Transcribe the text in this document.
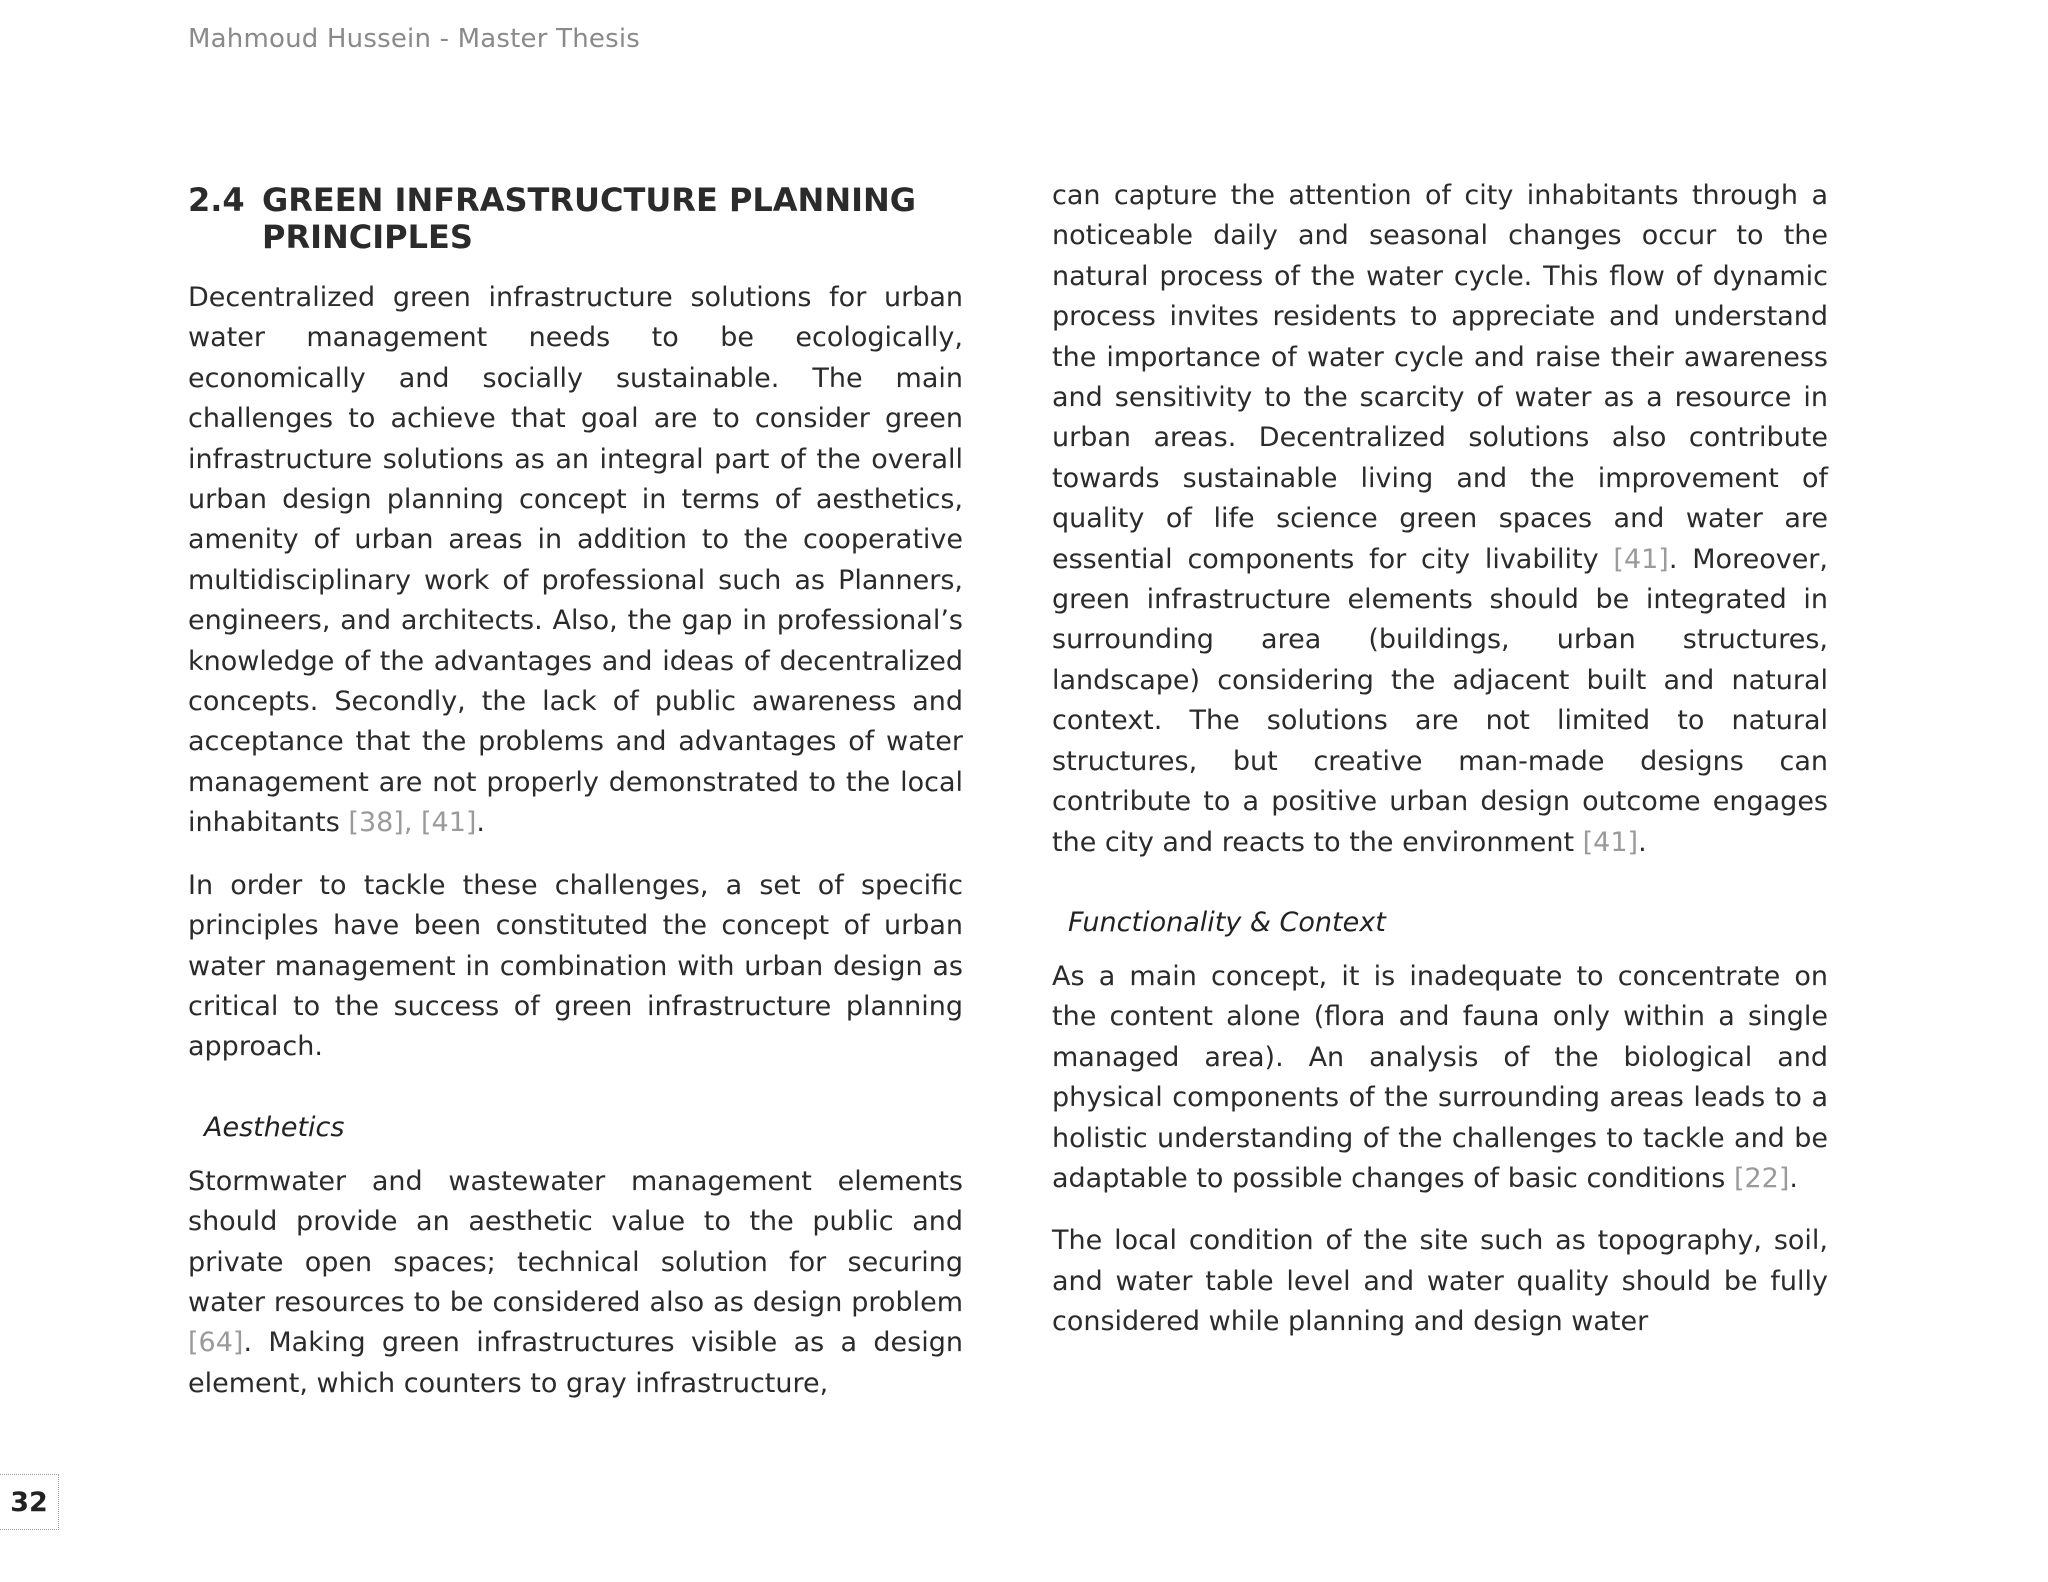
Mahmoud Hussein - Master Thesis
2.4 GREEN INFRASTRUCTURE PLANNING PRINCIPLES

Decentralized green infrastructure solutions for urban water management needs to be ecologically, economically and socially sustainable. The main challenges to achieve that goal are to consider green infrastructure solutions as an integral part of the overall urban design planning concept in terms of aesthetics, amenity of urban areas in addition to the cooperative multidisciplinary work of professional such as Planners, engineers, and architects. Also, the gap in professional’s knowledge of the advantages and ideas of decentralized concepts. Secondly, the lack of public awareness and acceptance that the problems and advantages of water management are not properly demonstrated to the local inhabitants [38], [41].

In order to tackle these challenges, a set of specific principles have been constituted the concept of urban water management in combination with urban design as critical to the success of green infrastructure planning approach.

Aesthetics

Stormwater and wastewater management elements should provide an aesthetic value to the public and private open spaces; technical solution for securing water resources to be considered also as design problem [64]. Making green infrastructures visible as a design element, which counters to gray infrastructure,

can capture the attention of city inhabitants through a noticeable daily and seasonal changes occur to the natural process of the water cycle. This flow of dynamic process invites residents to appreciate and understand the importance of water cycle and raise their awareness and sensitivity to the scarcity of water as a resource in urban areas. Decentralized solutions also contribute towards sustainable living and the improvement of quality of life science green spaces and water are essential components for city livability [41]. Moreover, green infrastructure elements should be integrated in surrounding area (buildings, urban structures, landscape) considering the adjacent built and natural context. The solutions are not limited to natural structures, but creative man-made designs can contribute to a positive urban design outcome engages the city and reacts to the environment [41].

Functionality & Context

As a main concept, it is inadequate to concentrate on the content alone (flora and fauna only within a single managed area). An analysis of the biological and physical components of the surrounding areas leads to a holistic understanding of the challenges to tackle and be adaptable to possible changes of basic conditions [22].

The local condition of the site such as topography, soil, and water table level and water quality should be fully considered while planning and design water

32
